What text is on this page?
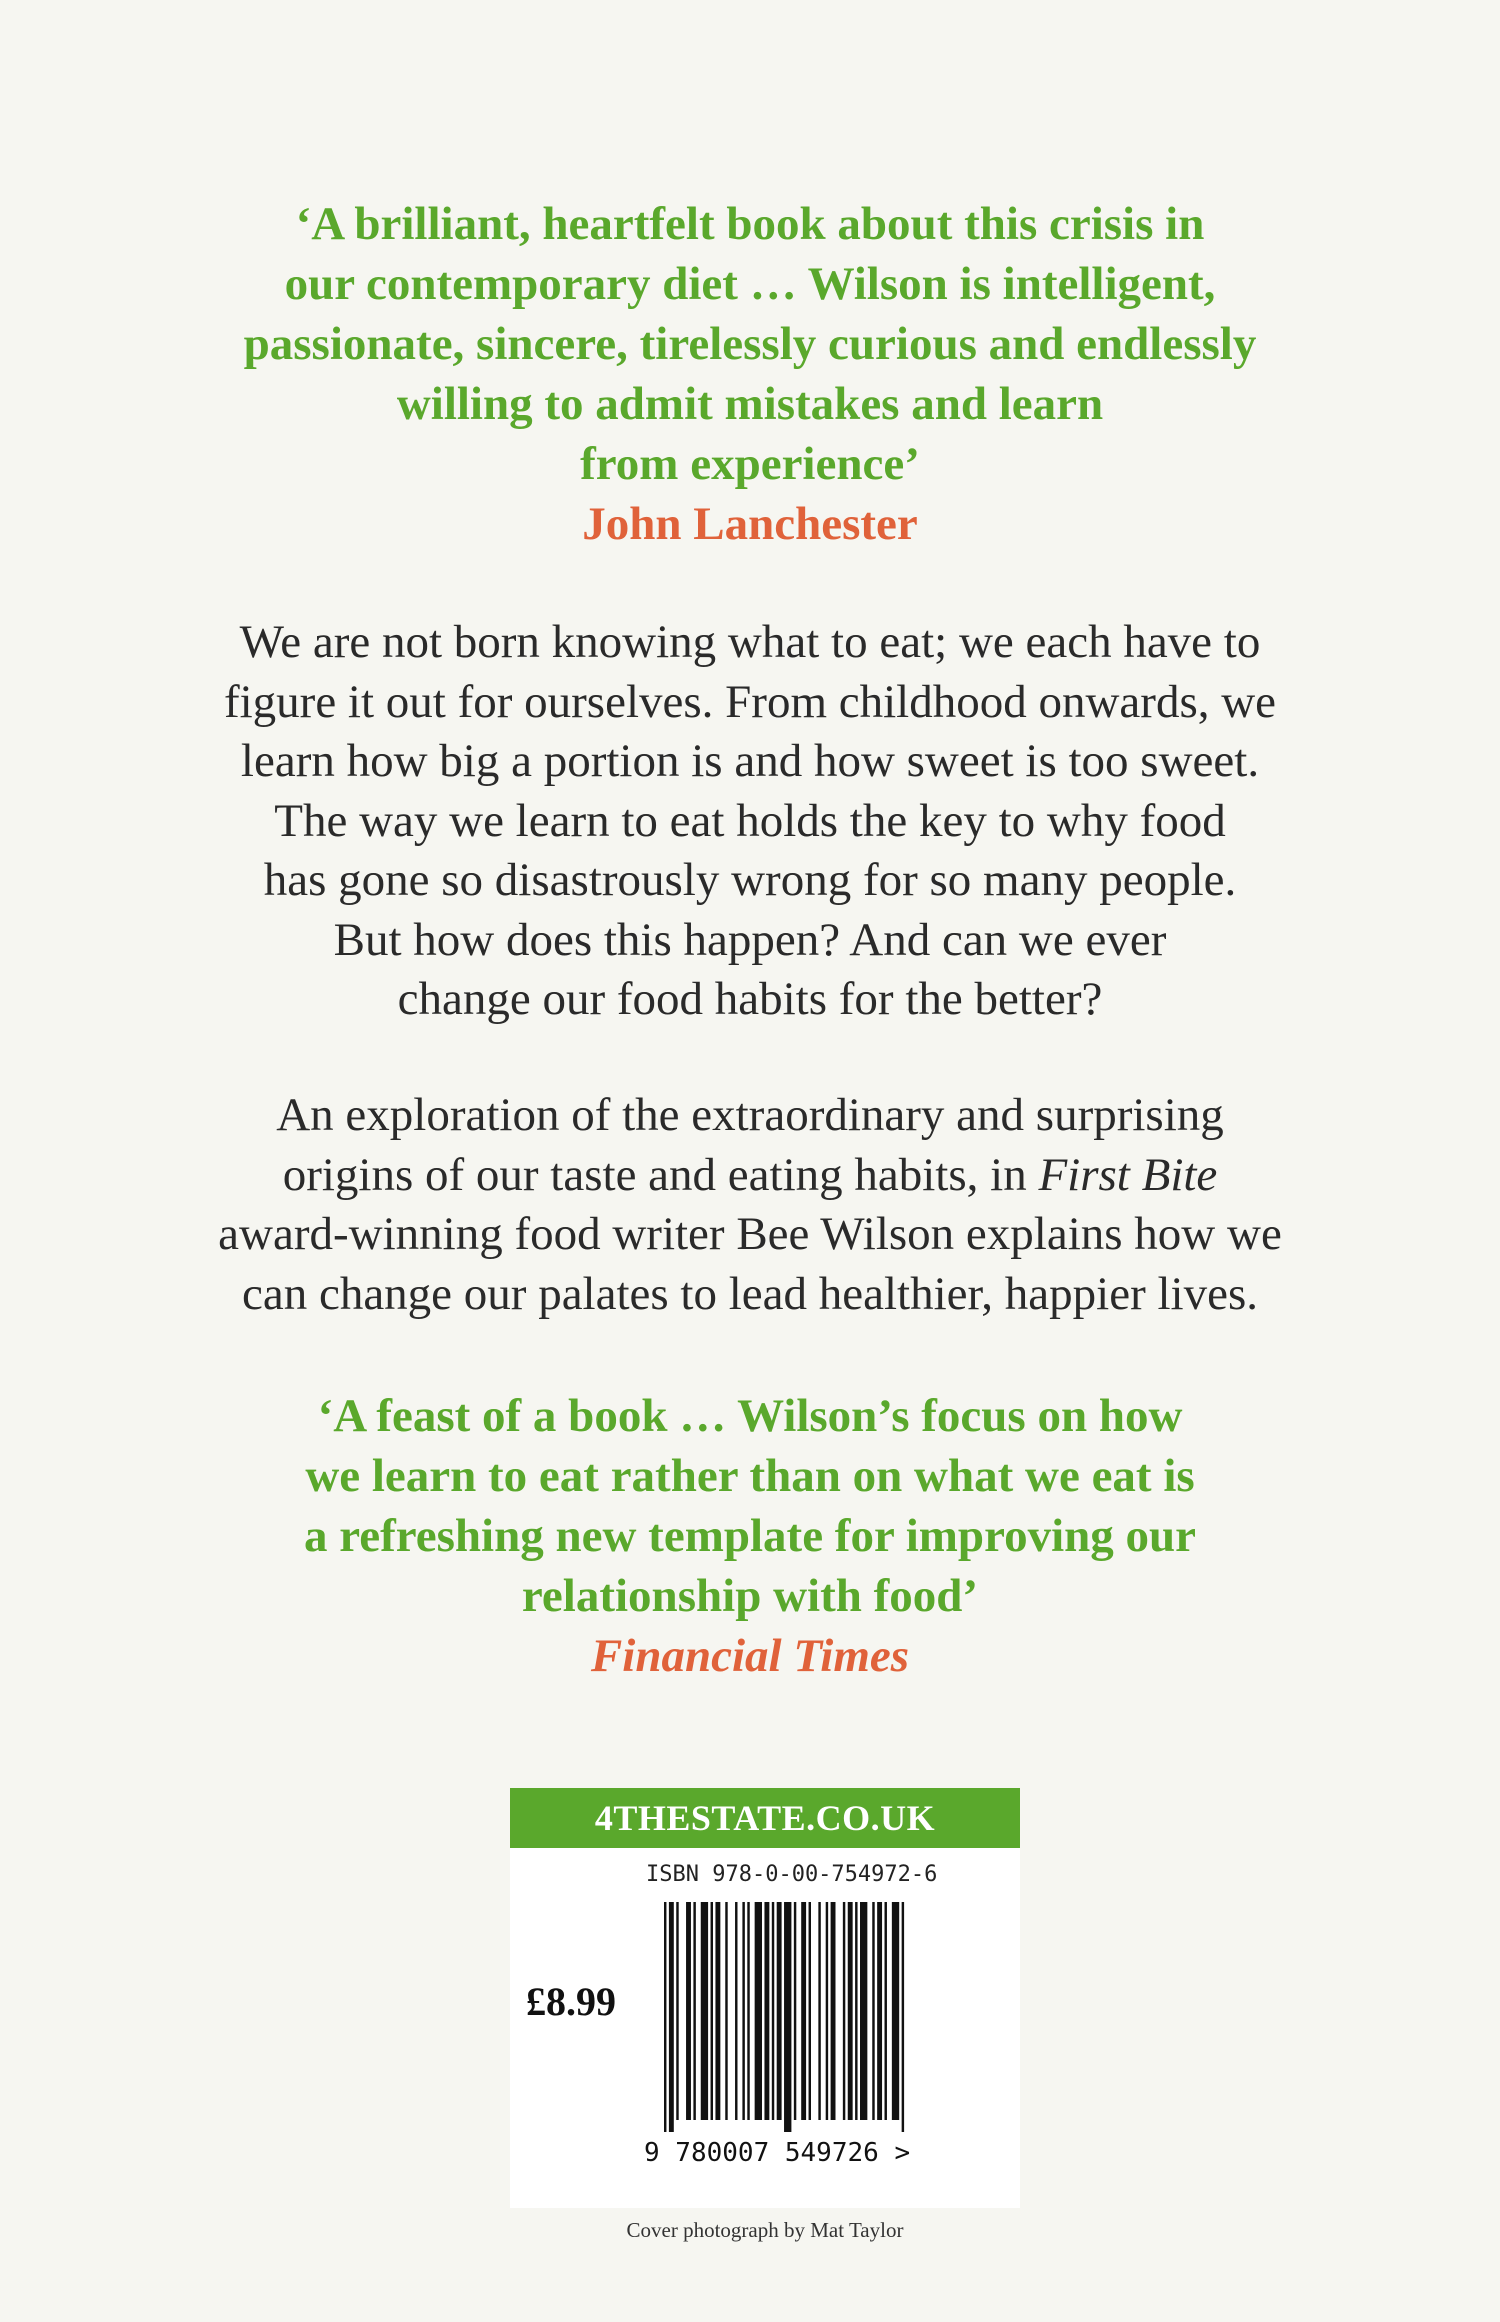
‘A brilliant, heartfelt book about this crisis in
our contemporary diet … Wilson is intelligent,
passionate, sincere, tirelessly curious and endlessly
willing to admit mistakes and learn
from experience’

John Lanchester

We are not born knowing what to eat; we each have to
figure it out for ourselves. From childhood onwards, we
learn how big a portion is and how sweet is too sweet.
The way we learn to eat holds the key to why food
has gone so disastrously wrong for so many people.
But how does this happen? And can we ever
change our food habits for the better?

An exploration of the extraordinary and surprising
origins of our taste and eating habits, in First Bite
award-winning food writer Bee Wilson explains how we
can change our palates to lead healthier, happier lives.

‘A feast of a book … Wilson’s focus on how
we learn to eat rather than on what we eat is
a refreshing new template for improving our
relationship with food’

Financial Times
4THESTATE.CO.UK
ISBN 978-0-00-754972-6
£8.99
9 780007 549726 >
Cover photograph by Mat Taylor
